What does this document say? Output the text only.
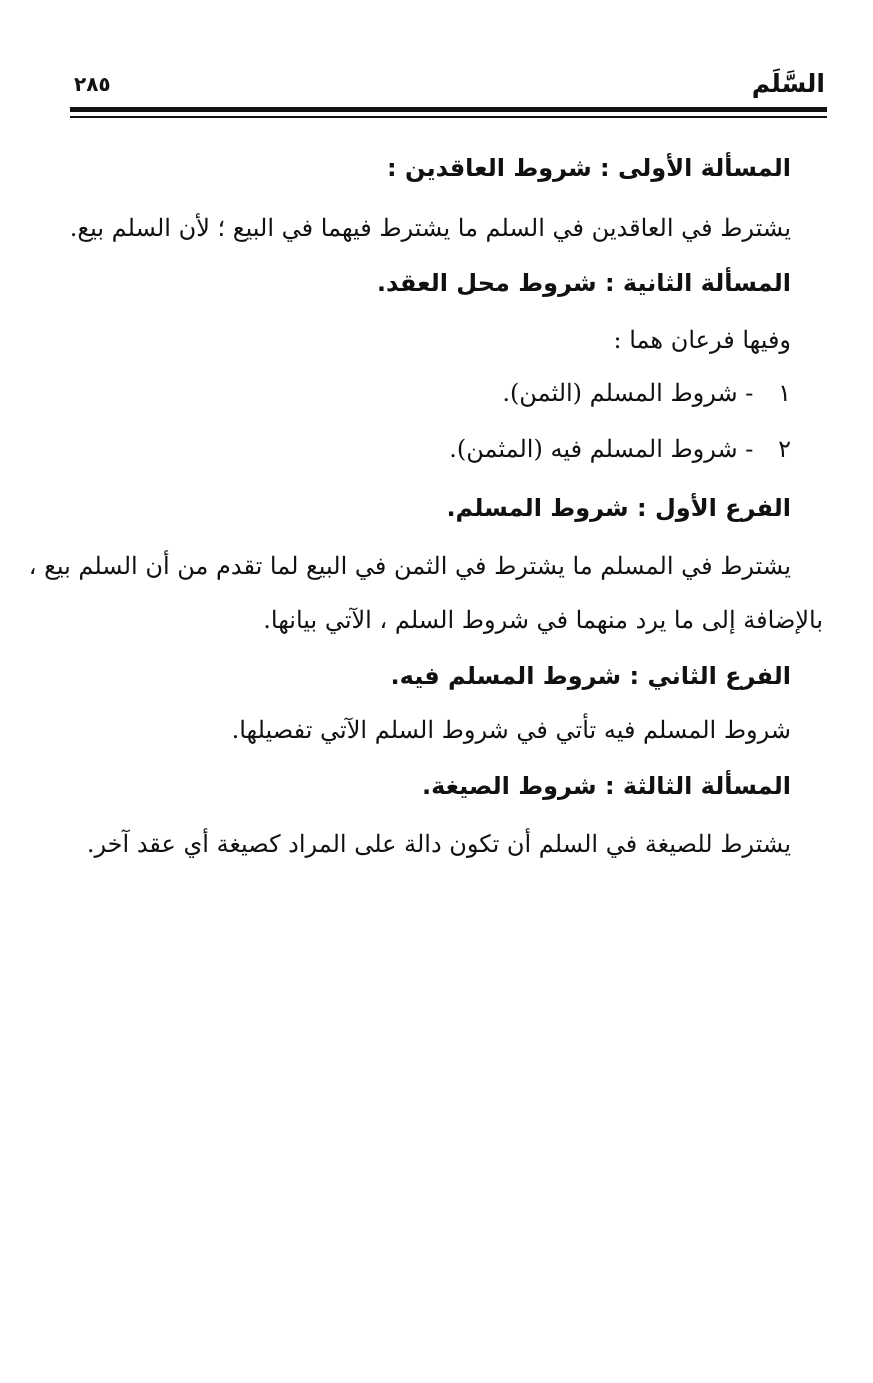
السَّلَم
٢٨٥
المسألة الأولى : شروط العاقدين :
يشترط في العاقدين في السلم ما يشترط فيهما في البيع ؛ لأن السلم بيع.
المسألة الثانية : شروط محل العقد.
وفيها فرعان هما :
١ - شروط المسلم (الثمن).
٢ - شروط المسلم فيه (المثمن).
الفرع الأول : شروط المسلم.
يشترط في المسلم ما يشترط في الثمن في البيع لما تقدم من أن السلم بيع ،
بالإضافة إلى ما يرد منهما في شروط السلم ، الآتي بيانها.
الفرع الثاني : شروط المسلم فيه.
شروط المسلم فيه تأتي في شروط السلم الآتي تفصيلها.
المسألة الثالثة : شروط الصيغة.
يشترط للصيغة في السلم أن تكون دالة على المراد كصيغة أي عقد آخر.
